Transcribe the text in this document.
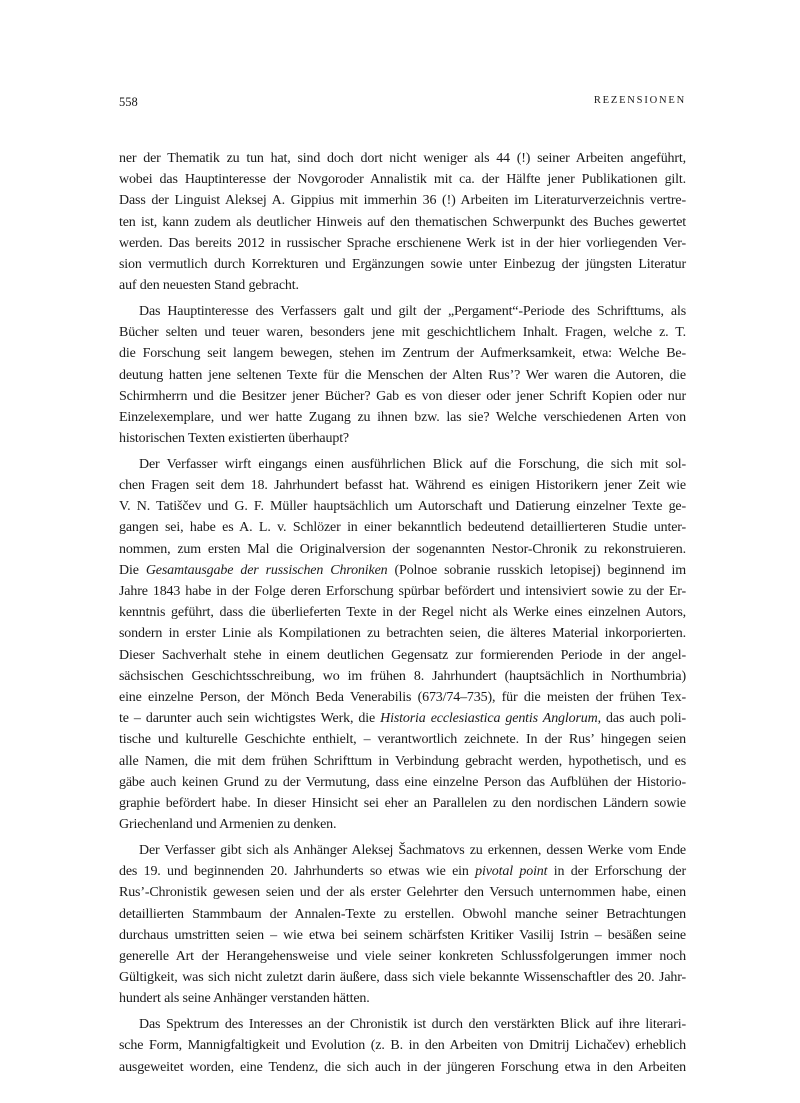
558	REZENSIONEN

ner der Thematik zu tun hat, sind doch dort nicht weniger als 44 (!) seiner Arbeiten angeführt,

wobei das Hauptinteresse der Novgoroder Annalistik mit ca. der Hälfte jener Publikationen gilt.

Dass der Linguist Aleksej A. Gippius mit immerhin 36 (!) Arbeiten im Literaturverzeichnis vertre-

ten ist, kann zudem als deutlicher Hinweis auf den thematischen Schwerpunkt des Buches gewertet

werden. Das bereits 2012 in russischer Sprache erschienene Werk ist in der hier vorliegenden Ver-

sion vermutlich durch Korrekturen und Ergänzungen sowie unter Einbezug der jüngsten Literatur

auf den neuesten Stand gebracht.

Das Hauptinteresse des Verfassers galt und gilt der „Pergament“-Periode des Schrifttums, als

Bücher selten und teuer waren, besonders jene mit geschichtlichem Inhalt. Fragen, welche z. T.

die Forschung seit langem bewegen, stehen im Zentrum der Aufmerksamkeit, etwa: Welche Be-

deutung hatten jene seltenen Texte für die Menschen der Alten Rus’? Wer waren die Autoren, die

Schirmherrn und die Besitzer jener Bücher? Gab es von dieser oder jener Schrift Kopien oder nur

Einzelexemplare, und wer hatte Zugang zu ihnen bzw. las sie? Welche verschiedenen Arten von

historischen Texten existierten überhaupt?

Der Verfasser wirft eingangs einen ausführlichen Blick auf die Forschung, die sich mit sol-

chen Fragen seit dem 18. Jahrhundert befasst hat. Während es einigen Historikern jener Zeit wie

V. N. Tatiščev und G. F. Müller hauptsächlich um Autorschaft und Datierung einzelner Texte ge-

gangen sei, habe es A. L. v. Schlözer in einer bekanntlich bedeutend detaillierteren Studie unter-

nommen, zum ersten Mal die Originalversion der sogenannten Nestor-Chronik zu rekonstruieren.

Die Gesamtausgabe der russischen Chroniken (Polnoe sobranie russkich letopisej) beginnend im

Jahre 1843 habe in der Folge deren Erforschung spürbar befördert und intensiviert sowie zu der Er-

kenntnis geführt, dass die überlieferten Texte in der Regel nicht als Werke eines einzelnen Autors,

sondern in erster Linie als Kompilationen zu betrachten seien, die älteres Material inkorporierten.

Dieser Sachverhalt stehe in einem deutlichen Gegensatz zur formierenden Periode in der angel-

sächsischen Geschichtsschreibung, wo im frühen 8. Jahrhundert (hauptsächlich in Northumbria)

eine einzelne Person, der Mönch Beda Venerabilis (673/74–735), für die meisten der frühen Tex-

te – darunter auch sein wichtigstes Werk, die Historia ecclesiastica gentis Anglorum, das auch poli-

tische und kulturelle Geschichte enthielt, – verantwortlich zeichnete. In der Rus’ hingegen seien

alle Namen, die mit dem frühen Schrifttum in Verbindung gebracht werden, hypothetisch, und es

gäbe auch keinen Grund zu der Vermutung, dass eine einzelne Person das Aufblühen der Historio-

graphie befördert habe. In dieser Hinsicht sei eher an Parallelen zu den nordischen Ländern sowie

Griechenland und Armenien zu denken.

Der Verfasser gibt sich als Anhänger Aleksej Šachmatovs zu erkennen, dessen Werke vom Ende

des 19. und beginnenden 20. Jahrhunderts so etwas wie ein pivotal point in der Erforschung der

Rus’-Chronistik gewesen seien und der als erster Gelehrter den Versuch unternommen habe, einen

detaillierten Stammbaum der Annalen-Texte zu erstellen. Obwohl manche seiner Betrachtungen

durchaus umstritten seien – wie etwa bei seinem schärfsten Kritiker Vasilij Istrin – besäßen seine

generelle Art der Herangehensweise und viele seiner konkreten Schlussfolgerungen immer noch

Gültigkeit, was sich nicht zuletzt darin äußere, dass sich viele bekannte Wissenschaftler des 20. Jahr-

hundert als seine Anhänger verstanden hätten.

Das Spektrum des Interesses an der Chronistik ist durch den verstärkten Blick auf ihre literari-

sche Form, Mannigfaltigkeit und Evolution (z. B. in den Arbeiten von Dmitrij Lichačev) erheblich

ausgeweitet worden, eine Tendenz, die sich auch in der jüngeren Forschung etwa in den Arbeiten
